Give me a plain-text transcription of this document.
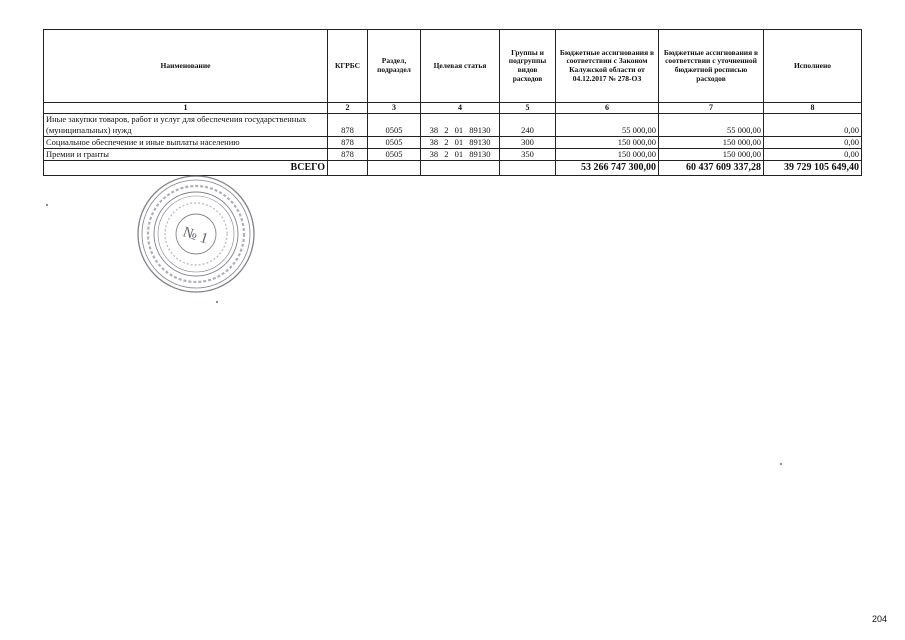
Наименование	КГРБС	Раздел, подраздел	Целевая статья	Группы и подгруппы видов расходов	Бюджетные ассигнования в соответствии с Законом Калужской области от 04.12.2017 № 278-ОЗ	Бюджетные ассигнования в соответствии с уточненной бюджетной росписью расходов	Исполнено
1	2	3	4	5	6	7	8
Иные закупки товаров, работ и услуг для обеспечения государственных (муниципальных) нужд	878	0505	38 2 01 89130	240	55 000,00	55 000,00	0,00
Социальное обеспечение и иные выплаты населению	878	0505	38 2 01 89130	300	150 000,00	150 000,00	0,00
Премии и гранты	878	0505	38 2 01 89130	350	150 000,00	150 000,00	0,00
ВСЕГО					53 266 747 300,00	60 437 609 337,28	39 729 105 649,40
№ 1
204
